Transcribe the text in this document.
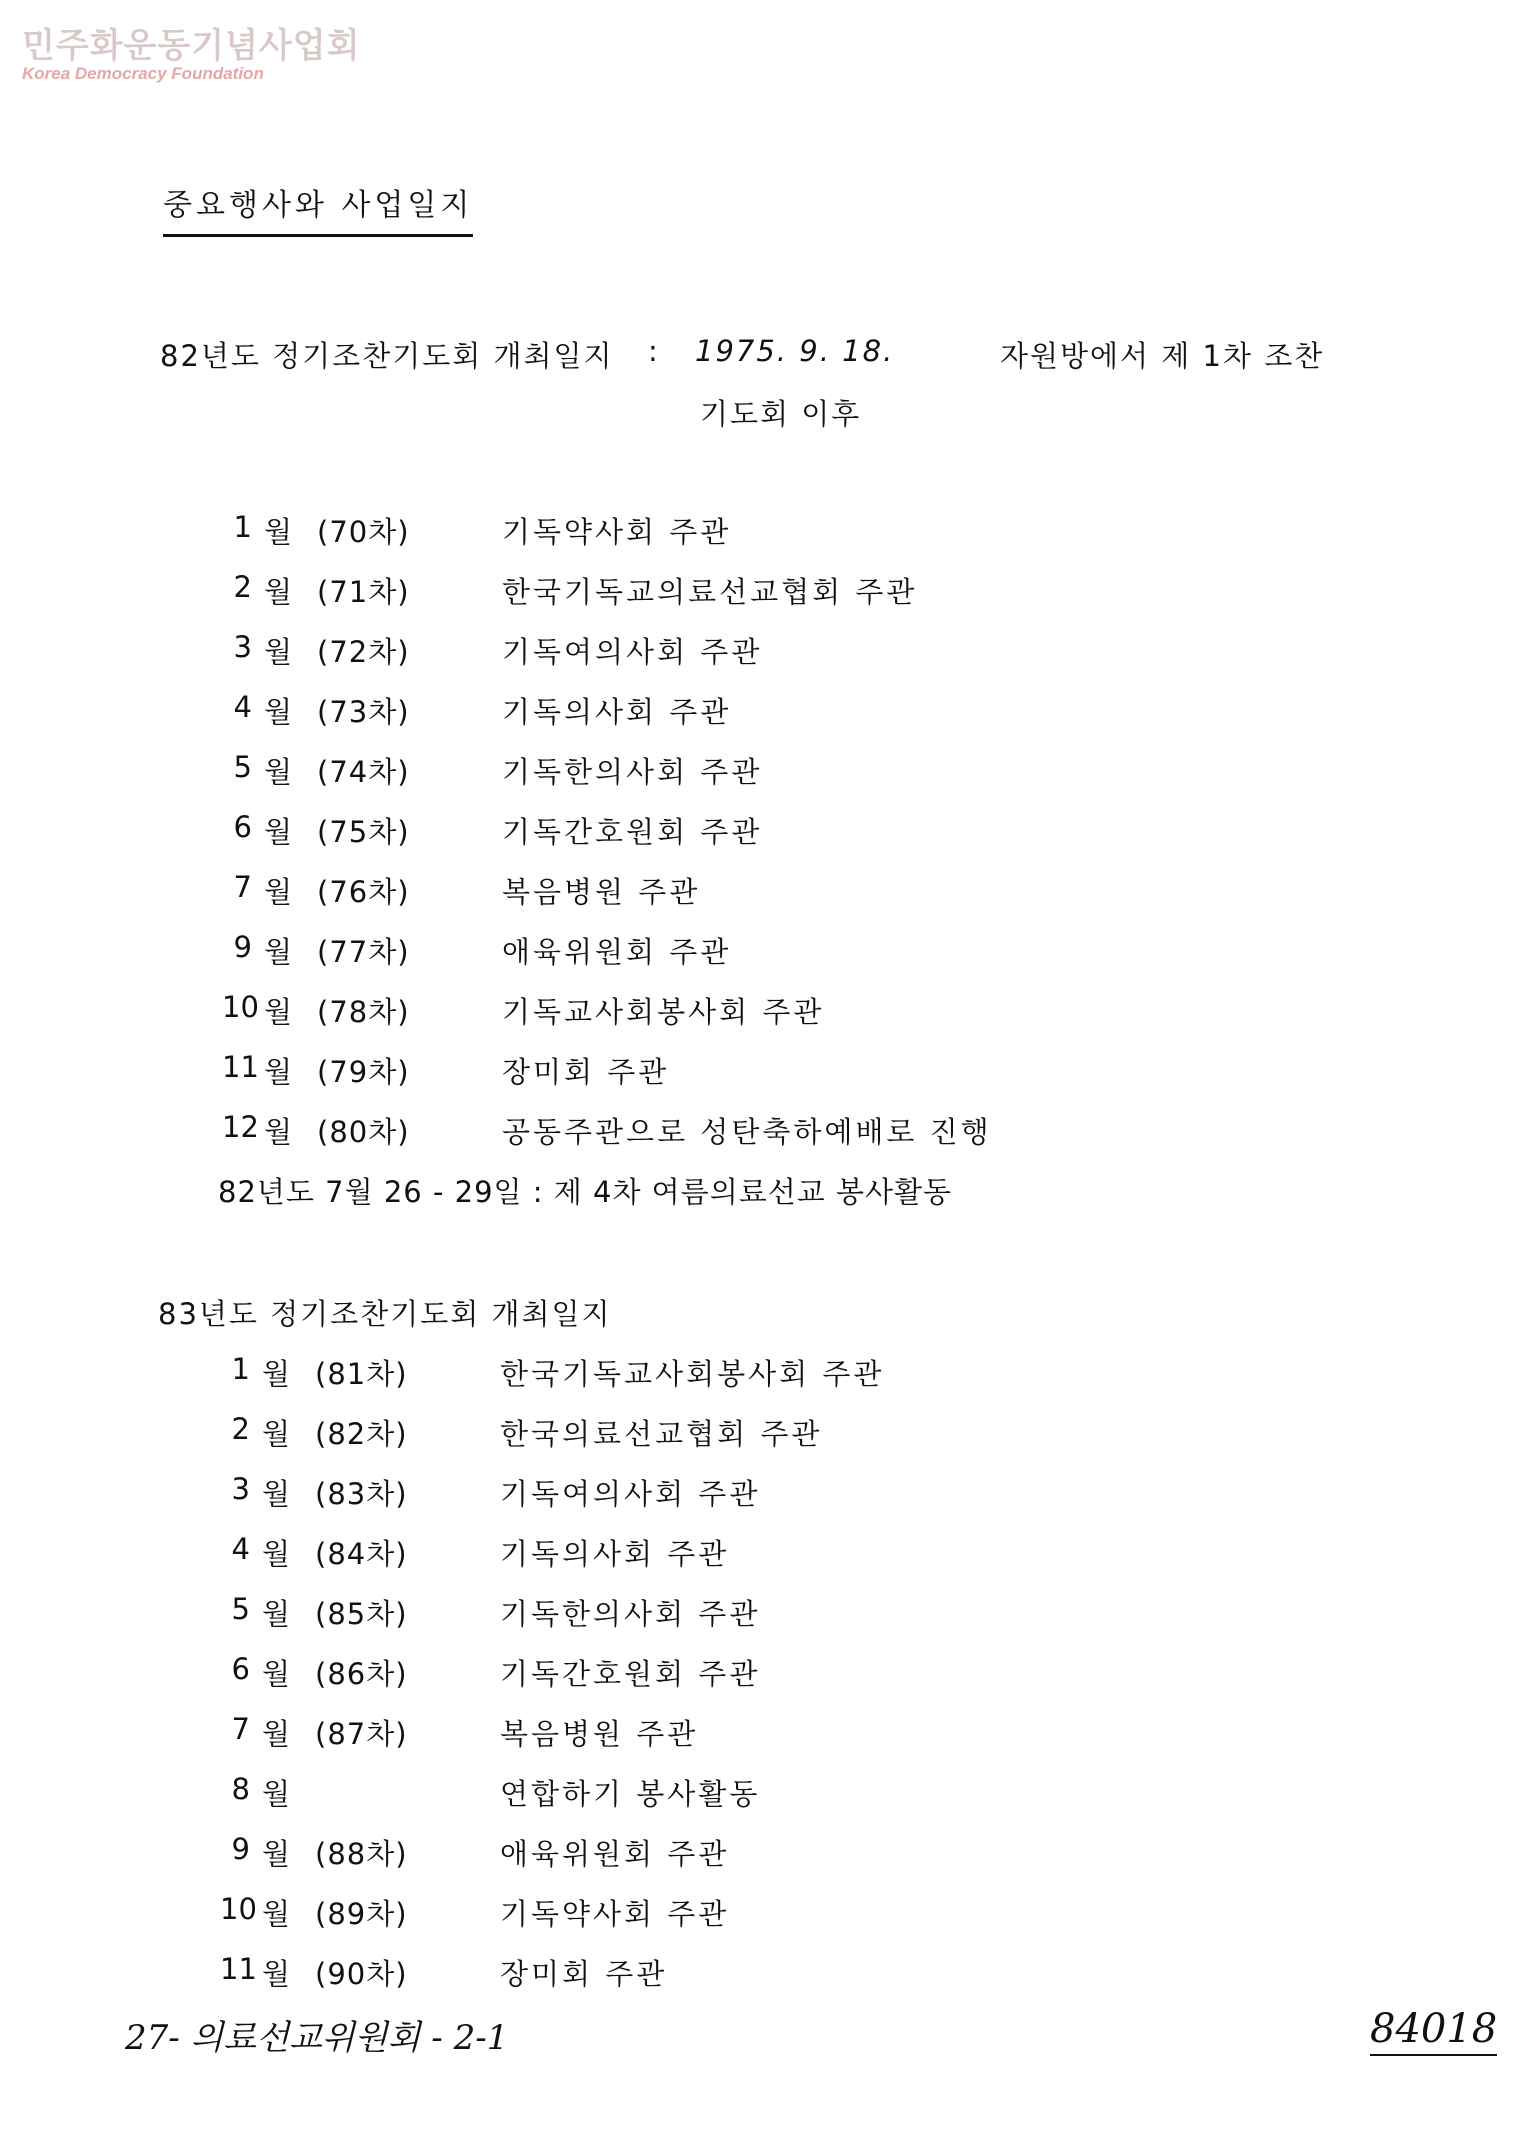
민주화운동기념사업회
Korea Democracy Foundation
중요행사와 사업일지
82년도 정기조찬기도회 개최일지 : 1975. 9. 18.	자원방에서 제 1차 조찬
기도회 이후
1 월 (70차)	기독약사회 주관
2 월 (71차)	한국기독교의료선교협회 주관
3 월 (72차)	기독여의사회 주관
4 월 (73차)	기독의사회 주관
5 월 (74차)	기독한의사회 주관
6 월 (75차)	기독간호원회 주관
7 월 (76차)	복음병원 주관
9 월 (77차)	애육위원회 주관
10 월 (78차)	기독교사회봉사회 주관
11 월 (79차)	장미회 주관
12 월 (80차)	공동주관으로 성탄축하예배로 진행
82년도 7월 26 - 29일 : 제 4차 여름의료선교 봉사활동
83년도 정기조찬기도회 개최일지
1 월 (81차)	한국기독교사회봉사회 주관
2 월 (82차)	한국의료선교협회 주관
3 월 (83차)	기독여의사회 주관
4 월 (84차)	기독의사회 주관
5 월 (85차)	기독한의사회 주관
6 월 (86차)	기독간호원회 주관
7 월 (87차)	복음병원 주관
8 월	연합하기 봉사활동
9 월 (88차)	애육위원회 주관
10 월 (89차)	기독약사회 주관
11 월 (90차)	장미회 주관
27- 의료선교위원회 - 2-1	84018
